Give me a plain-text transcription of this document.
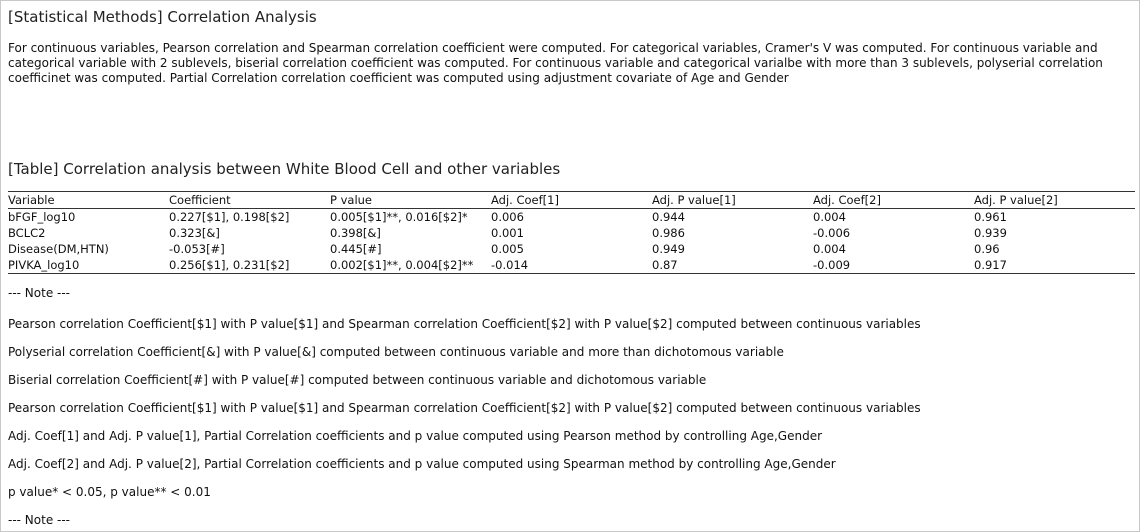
[Statistical Methods] Correlation Analysis
For continuous variables, Pearson correlation and Spearman correlation coefficient were computed. For categorical variables, Cramer's V was computed. For continuous variable and categorical variable with 2 sublevels, biserial correlation coefficient was computed. For continuous variable and categorical varialbe with more than 3 sublevels, polyserial correlation coefficinet was computed. Partial Correlation correlation coefficient was computed using adjustment covariate of Age and Gender
[Table] Correlation analysis between White Blood Cell and other variables
Variable	Coefficient	P value	Adj. Coef[1]	Adj. P value[1]	Adj. Coef[2]	Adj. P value[2]
bFGF_log10	0.227[$1], 0.198[$2]	0.005[$1]**, 0.016[$2]*	0.006	0.944	0.004	0.961
BCLC2	0.323[&]	0.398[&]	0.001	0.986	-0.006	0.939
Disease(DM,HTN)	-0.053[#]	0.445[#]	0.005	0.949	0.004	0.96
PIVKA_log10	0.256[$1], 0.231[$2]	0.002[$1]**, 0.004[$2]**	-0.014	0.87	-0.009	0.917
--- Note ---
Pearson correlation Coefficient[$1] with P value[$1] and Spearman correlation Coefficient[$2] with P value[$2] computed between continuous variables
Polyserial correlation Coefficient[&] with P value[&] computed between continuous variable and more than dichotomous variable
Biserial correlation Coefficient[#] with P value[#] computed between continuous variable and dichotomous variable
Pearson correlation Coefficient[$1] with P value[$1] and Spearman correlation Coefficient[$2] with P value[$2] computed between continuous variables
Adj. Coef[1] and Adj. P value[1], Partial Correlation coefficients and p value computed using Pearson method by controlling Age,Gender
Adj. Coef[2] and Adj. P value[2], Partial Correlation coefficients and p value computed using Spearman method by controlling Age,Gender
p value* < 0.05, p value** < 0.01
--- Note ---
